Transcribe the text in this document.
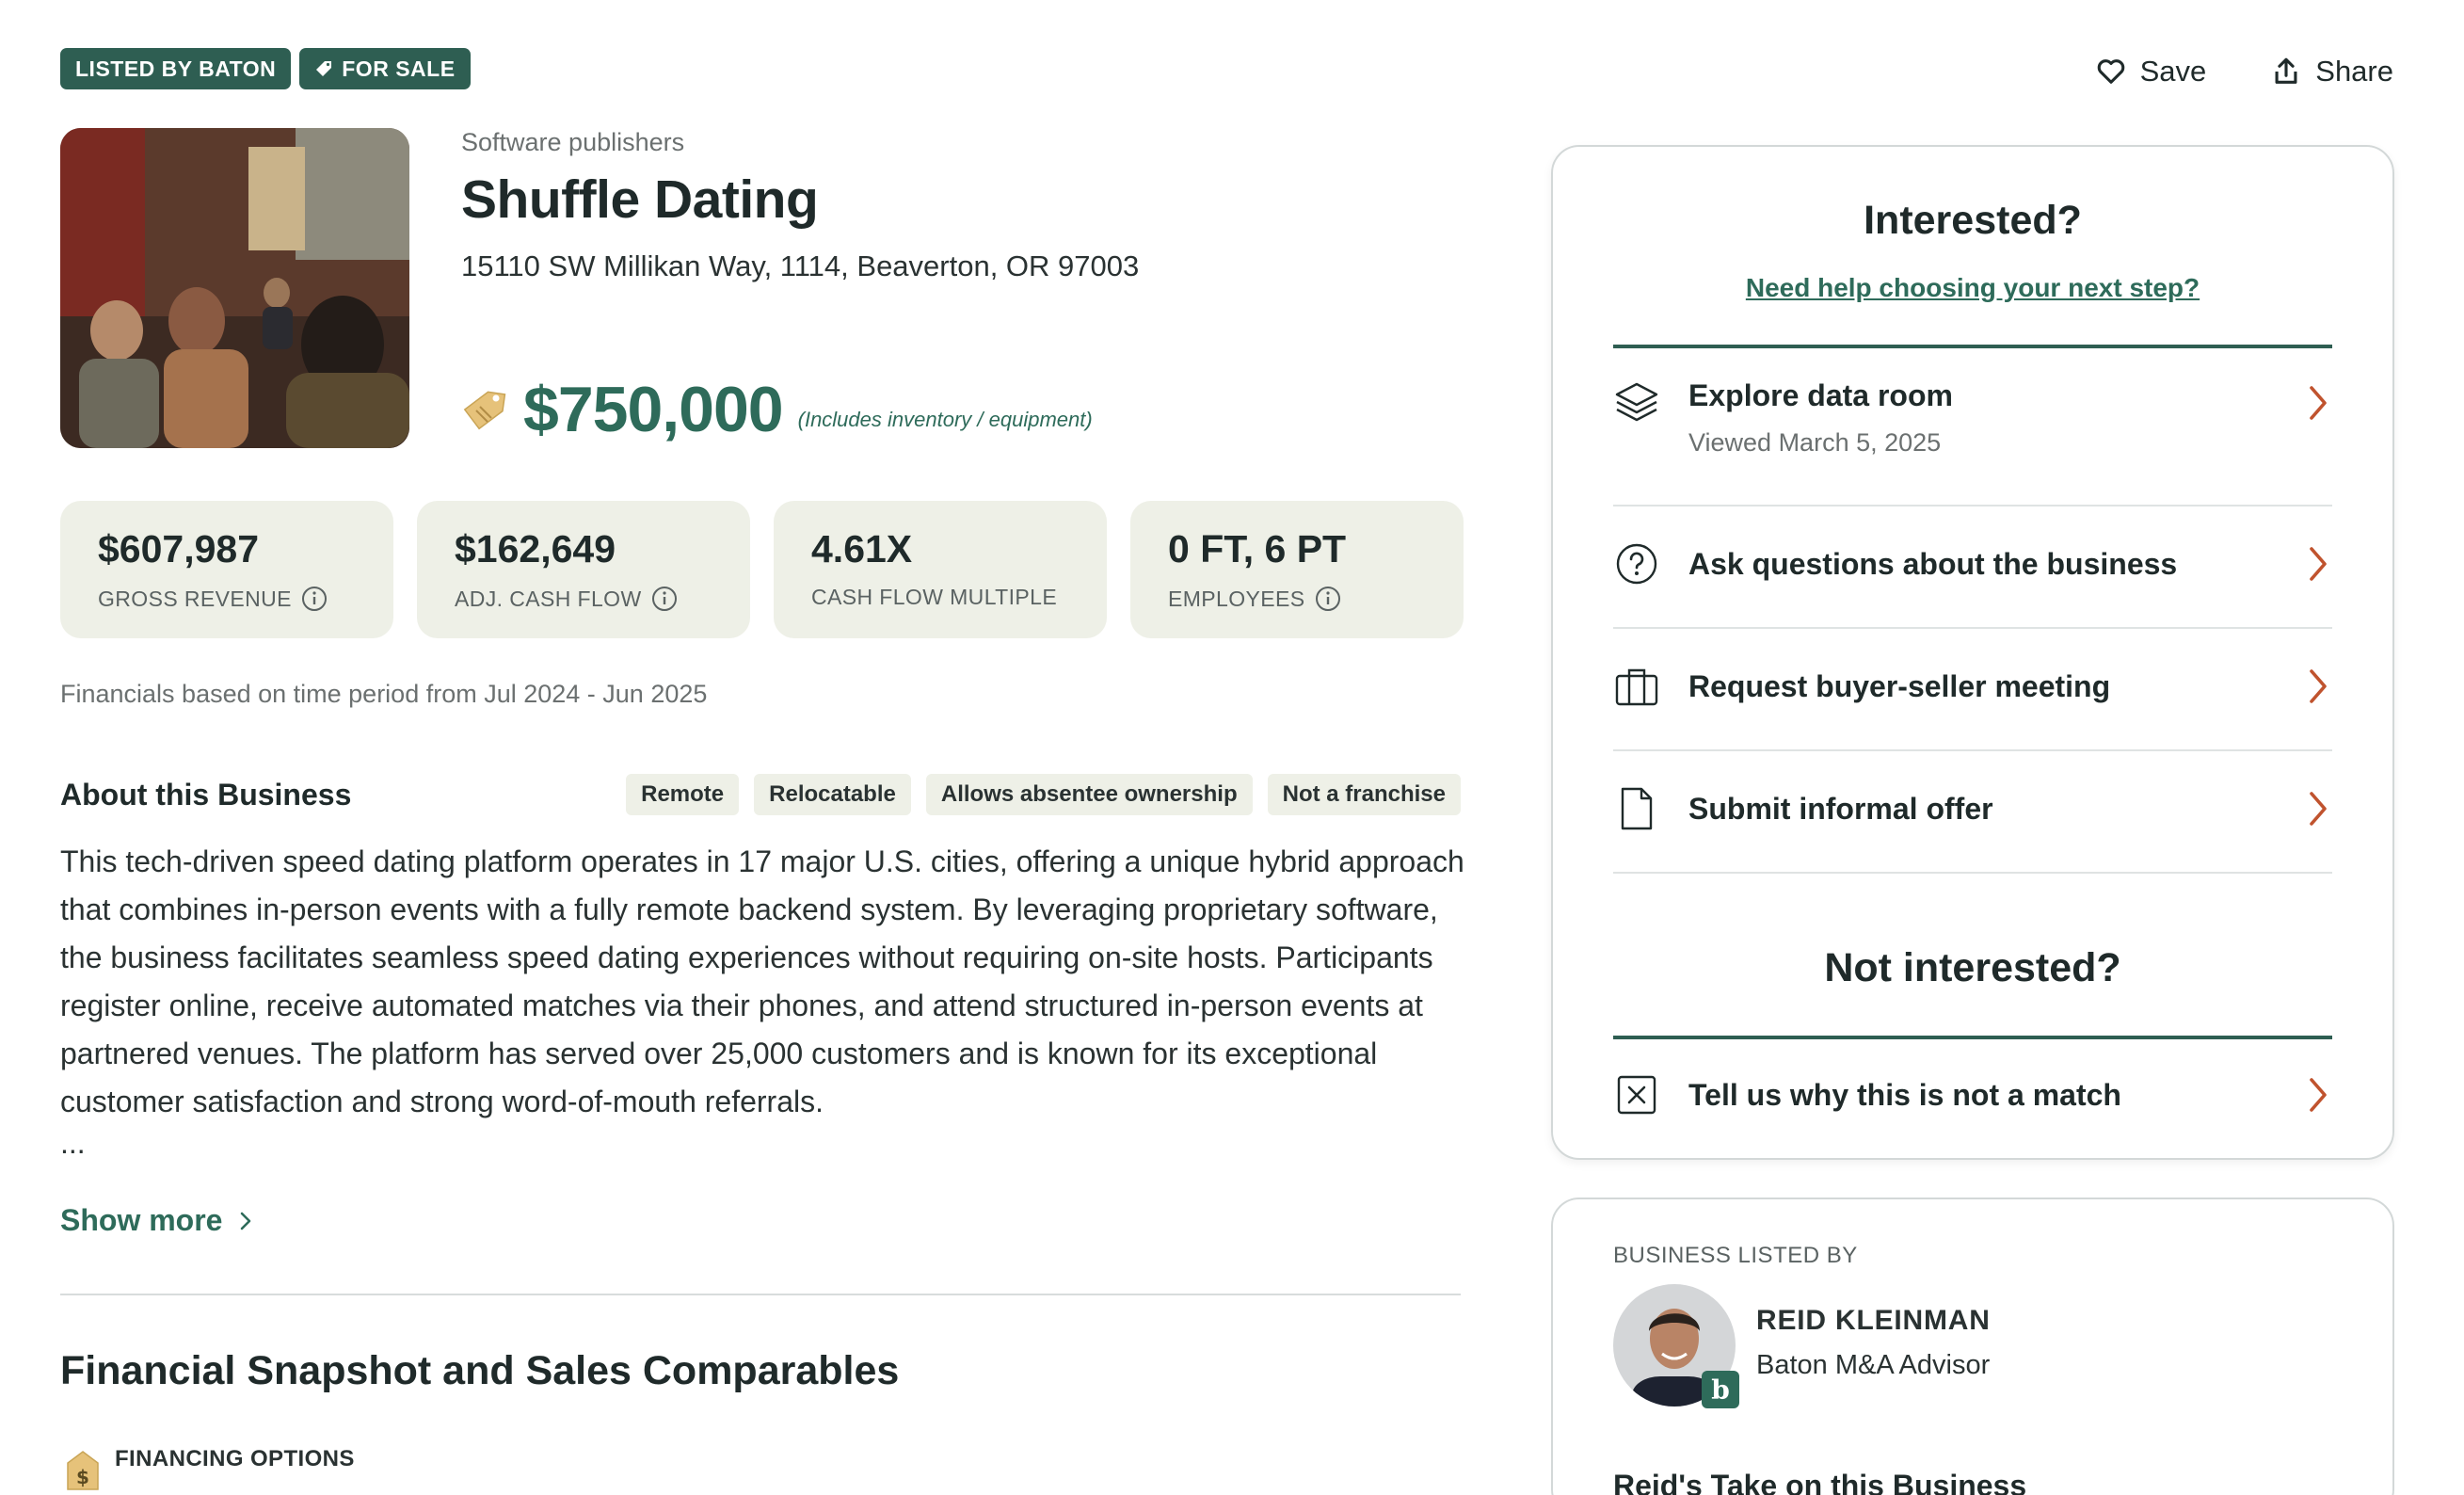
LISTED BY BATON	FOR SALE	Save	Share
Software publishers
Shuffle Dating
15110 SW Millikan Way, 1114, Beaverton, OR 97003
$750,000 (Includes inventory / equipment)
$607,987
GROSS REVENUE
$162,649
ADJ. CASH FLOW
4.61X
CASH FLOW MULTIPLE
0 FT, 6 PT
EMPLOYEES
Financials based on time period from Jul 2024 - Jun 2025
About this Business	Remote	Relocatable	Allows absentee ownership	Not a franchise
This tech-driven speed dating platform operates in 17 major U.S. cities, offering a unique hybrid approach
that combines in-person events with a fully remote backend system. By leveraging proprietary software,
the business facilitates seamless speed dating experiences without requiring on-site hosts. Participants
register online, receive automated matches via their phones, and attend structured in-person events at
partnered venues. The platform has served over 25,000 customers and is known for its exceptional
customer satisfaction and strong word-of-mouth referrals.
...
Show more
Financial Snapshot and Sales Comparables
$
FINANCING OPTIONS
Interested?
Need help choosing your next step?
Explore data room
Viewed March 5, 2025
Ask questions about the business
Request buyer-seller meeting
Submit informal offer
Not interested?
Tell us why this is not a match
BUSINESS LISTED BY
b
REID KLEINMAN
Baton M&A Advisor
Reid's Take on this Business
